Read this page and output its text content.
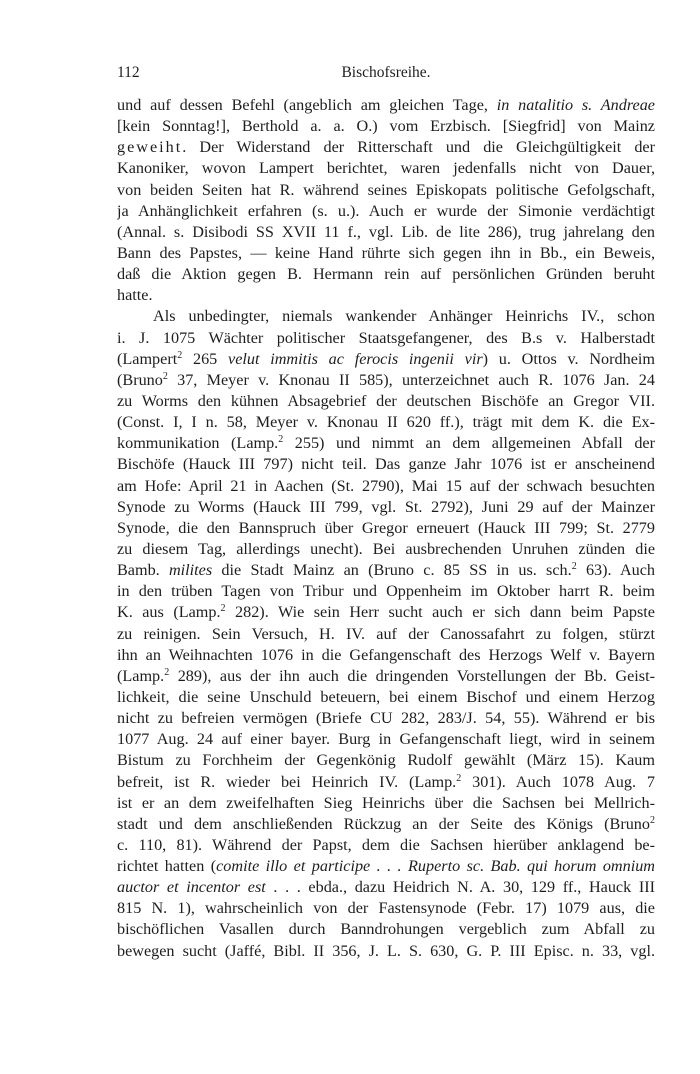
112	Bischofsreihe.
und auf dessen Befehl (angeblich am gleichen Tage, in natalitio s. Andreae
[kein Sonntag!], Berthold a. a. O.) vom Erzbisch. [Siegfrid] von Mainz
geweiht. Der Widerstand der Ritterschaft und die Gleichgültigkeit der
Kanoniker, wovon Lampert berichtet, waren jedenfalls nicht von Dauer,
von beiden Seiten hat R. während seines Episkopats politische Gefolgschaft,
ja Anhänglichkeit erfahren (s. u.). Auch er wurde der Simonie verdächtigt
(Annal. s. Disibodi SS XVII 11 f., vgl. Lib. de lite 286), trug jahrelang den
Bann des Papstes, — keine Hand rührte sich gegen ihn in Bb., ein Beweis,
daß die Aktion gegen B. Hermann rein auf persönlichen Gründen beruht
hatte.
Als unbedingter, niemals wankender Anhänger Heinrichs IV., schon
i. J. 1075 Wächter politischer Staatsgefangener, des B.s v. Halberstadt
(Lampert$^2$ 265 velut immitis ac ferocis ingenii vir) u. Ottos v. Nordheim
(Bruno$^2$ 37, Meyer v. Knonau II 585), unterzeichnet auch R. 1076 Jan. 24
zu Worms den kühnen Absagebrief der deutschen Bischöfe an Gregor VII.
(Const. I, I n. 58, Meyer v. Knonau II 620 ff.), trägt mit dem K. die Ex-
kommunikation (Lamp.$^2$ 255) und nimmt an dem allgemeinen Abfall der
Bischöfe (Hauck III 797) nicht teil. Das ganze Jahr 1076 ist er anscheinend
am Hofe: April 21 in Aachen (St. 2790), Mai 15 auf der schwach besuchten
Synode zu Worms (Hauck III 799, vgl. St. 2792), Juni 29 auf der Mainzer
Synode, die den Bannspruch über Gregor erneuert (Hauck III 799; St. 2779
zu diesem Tag, allerdings unecht). Bei ausbrechenden Unruhen zünden die
Bamb. milites die Stadt Mainz an (Bruno c. 85 SS in us. sch.$^2$ 63). Auch
in den trüben Tagen von Tribur und Oppenheim im Oktober harrt R. beim
K. aus (Lamp.$^2$ 282). Wie sein Herr sucht auch er sich dann beim Papste
zu reinigen. Sein Versuch, H. IV. auf der Canossafahrt zu folgen, stürzt
ihn an Weihnachten 1076 in die Gefangenschaft des Herzogs Welf v. Bayern
(Lamp.$^2$ 289), aus der ihn auch die dringenden Vorstellungen der Bb. Geist-
lichkeit, die seine Unschuld beteuern, bei einem Bischof und einem Herzog
nicht zu befreien vermögen (Briefe CU 282, 283/J. 54, 55). Während er bis
1077 Aug. 24 auf einer bayer. Burg in Gefangenschaft liegt, wird in seinem
Bistum zu Forchheim der Gegenkönig Rudolf gewählt (März 15). Kaum
befreit, ist R. wieder bei Heinrich IV. (Lamp.$^2$ 301). Auch 1078 Aug. 7
ist er an dem zweifelhaften Sieg Heinrichs über die Sachsen bei Mellrich-
stadt und dem anschließenden Rückzug an der Seite des Königs (Bruno$^2$
c. 110, 81). Während der Papst, dem die Sachsen hierüber anklagend be-
richtet hatten (comite illo et participe . . . Ruperto sc. Bab. qui horum omnium
auctor et incentor est . . . ebda., dazu Heidrich N. A. 30, 129 ff., Hauck III
815 N. 1), wahrscheinlich von der Fastensynode (Febr. 17) 1079 aus, die
bischöflichen Vasallen durch Banndrohungen vergeblich zum Abfall zu
bewegen sucht (Jaffé, Bibl. II 356, J. L. S. 630, G. P. III Episc. n. 33, vgl.
